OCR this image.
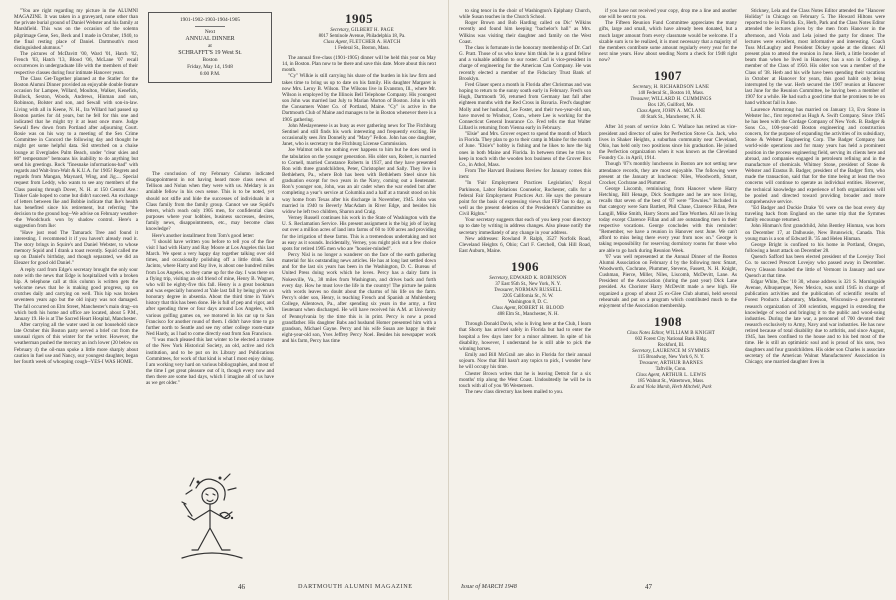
"You are right regarding my picture in the ALUMNI MAGAZINE. It was taken in a graveyard, none other than the private burial ground of Daniel Webster and his family at Marshfield. This was on the occasion of the solemn pilgrimage Gene, Sex, Beck and I made in October, 1940, to the final resting place of Daniel. Dartmouth's most distinguished alumnus."

The pictures of McDavitt '00, Ward '01, Hatch '02, French '03, Hatch '13, Blood '06, McLane '07 recall occurrences in undergraduate life with the members of their respective classes during four intimate Hanover years.

The Class Get-Together planned at the Statler for the Boston Alumni Dinner provided an enjoyable double feature occasion for Lampee, Willard, Moulton, Walker, Kenefick, Bullock, Sexton, Woods, Andrews, Hinman and son, Robinson, Bolster and son, and Sewall with son-in-law. Living with all in Keene, N. H., Ira Willard had passed up Boston parties for 44 years, but he fell for this one and indicated that he might try it at least once more. Judge Sewall flew down from Portland after adjourning Court. Rosie was on his way to a meeting of the Sex Crime Committee in Concord the following day and thought he might get some helpful data. Sid stretched on a chaise lounge at Everglades Palm Beach, under "clear skies and 80° temperature" bemoans his inability to do anything but send his greetings. Rock "finesnake informations-bad" with regards and Walt-Iron-Walt & K.U.A. for 1905! Regrets and regards from Mangan, Maynard, Wing, and Jig.... Special request from Leddy, who wants to see any members of the Class passing through Dover, N. H. at 150 Central Ave.: Tinker Gale hoped to come but didn't succeed. An exchange of letters between Ike and Bobbie indicate that Ike's health has benefited since his retirement, but referring "the decision to the ground hog--We advise on February weather--the Woodchuck won by shadow control. Here's a suggestion from Ike:

"Have just read The Tamarack Tree and found it interesting. I recommend it if you haven't already read it. The story brings in Squire's and Daniel Webster, to whose memory Squid and I drank a toast recently. Squid called me up on Daniel's birthday, and though separated, we did an Eleazer for good old Daniel."

A reply card from Edge's secretary brought the only sour note with the news that Edge is hospitalized with a broken hip. A telephone call at this column is written gets the welcome news that he is making good progress, up on crutches daily and carrying on well. This hip was broken seventeen years ago but the old injury was not damaged. The fall occurred on Elm Street, Manchester's main drag--on which both his home and office are located, about 5 P.M., January 19. He is at The Sacred Heart Hospital, Manchester.

After carrying all the water used in our household since late October this Boston party served a brief cut from the unusual rigors of this winter for the writer. However, the weatherman pushed the mercury an inch lower (20 below on February 4) the oil-man spoke a little more sharply about caution in fuel use and Nancy, our youngest daughter, began her fourth week of whooping cough--YES-I WAS HOME.

1901-1902-1903-1904-1905
Next
ANNUAL DINNER
at
SCHRAFFT'S 19 West St.
Boston
Friday, May 14, 1948
6:00 P.M.

The conclusion of my February Column indicated disappointment in not having heard more class news of Tellison and Nolan when they were with us. Meldary is an amiable fellow in his own sense. This is to be noted, yet should not stifle and hide the successes of individuals in a Class family from the family group. Cannot we use Squid's letters, which reach only 1905 men, for confidential class purposes where your hobbies, business successes, desires, family news, disappointments, etc., may become class knowledge?

Here's another installment from Tom's good letter:

"I should have written you before to tell you of the fine visit I had with Harry and Ray Moore at Los Angeles this last March. We spent a very happy day together talking over old times, and occasionally polishing off a little drink. San Jacinto, where Harry and Ray live, is about one hundred miles from Los Angeles, so they came up for the day. I was there on a flying trip, visiting an old friend of mine, Henry B. Wagner, who will be eighty-five this fall. Henry is a great bookman and was especially honored at Yale last fall by being given an honorary degree in absentia. About the third time in Yale's history that this has been done. He is full of pep and vigor, and after spending three or four days around Los Angeles, with various golfing games on, we motored in his car up to San Francisco for another round of them. I didn't have time to go further north to Seattle and see my other college room-mate Ned Hardy, as I had to come directly east from San Francisco.

"I was much pleased this last winter to be elected a trustee of the New York Historical Society, an old, active and rich institution, and to be put on its Library and Publications Committees, for work of that kind is what I most enjoy doing. I am working very hard on various bibliographies, and most of the time I get great pleasure out of it, though every now and then there are some bad days, which I imagine all of us have as we get older."

1905

Secretary, GILBERT H. PAGE

8017 Seminole Avenue, Philadelphia 18, Pa.

Class Agent, FLETCHER A. HATCH

1 Federal St., Boston, Mass.

The annual five-class (1901-1905) dinner will be held this year on May 14, in Boston. Plan now to be there and save this date. More about this next month.

"Cy" Wilkie is still carrying his share of the burden in his law firm and takes time to bring us up to date on his family. His daughter Margaret is now Mrs. Leroy B. Wilson. The Wilsons live in Evanston, Ill., where Mr. Wilson is employed by the Illinois Bell Telephone Company. His youngest son John was married last July to Marian Morton of Boston. John is with the Consumers Water Co. of Portland, Maine. "Cy" is active in the Dartmouth Club of Maine and manages to be in Boston whenever there is a 1905 gathering.

John Meslayeneese is as busy as ever gathering news for The Fitchburg Sentinel and still finds his work interesting and frequently exciting. He occasionally sees Jim Donnelly and "Mary" Fellon. John has one daughter, Janet, who is secretary to the Fitchburg License Commission.

Joe Walmot tells me nothing ever happens to him but he does send in the tabulation on the younger generation. His older son, Robert, is married to Cornell, married Constance Roberts in 1937, and they have presented Ron with three grandchildren, Peter, Christopher and Sally. They live in Bethlehem, Pa., where Bob has been with Bethlehem Steel since his graduation except for two years in the Navy, coming out a lieutenant. Ron’s younger son, John, was an air cadet when the war ended but after completing a year’s service at Columbia and a half at a transit stood on his way home from Texas after his discharge in November, 1945. John was married in 1940 to Beverly MacAdam in River Edge, and besides his widow he left two children, Sharon and Craig.

Verney Russell continues his work in the State of Washington with the U. S. Reclamation Service. His present assignment is the big job of laying out over a million acres of land into farms of 60 to 100 acres and providing for the irrigation of these farms. This is a tremendous undertaking and not as easy as it sounds. Incidentally, Verney, you might pick out a few choice spots for retired 1905 men who are "hoosier-minded".

Percy Nisl is no longer a wanderer on the face of the earth gathering material for his outstanding news articles. He has at long last settled down and for the last six years has been in the Washington, D. C. Bureau of United Press doing work which he loves. Percy has a dairy farm in Nokesville, Va., 38 miles from Washington, and drives back and forth every day. How he must love the life in the country! The picture he paints with words leaves no doubt about the charms of his life on the farm. Percy's older son, Henry, is teaching French and Spanish at Muhlenberg College, Allentown, Pa., after spending six years in the army, a first lieutenant when discharged. He will have received his A.M. at University of Pennsylvania by the time this is in print. Percy is now a proud grandfather. His daughter Babs and husband Homer presented him with a grandson, Michael Gayne. Percy and his wife Susan are happy in their eight-year-old son, Yves Jeffrey Percy Noel. Besides his newspaper work and his farm, Percy has time

46	DARTMOUTH ALUMNI MAGAZINE

to sing tenor in the choir of Washington's Epiphany Church, while Susan teaches in the Church School.

Roger Brown and Bob Harding called on Dic’ Wilkins recently and found him keeping "bachelor's hall" as Mrs. Wilkins was visiting their daughter and family on the West Coast.

The class is fortunate in the honorary membership of Dr. Carl G. Pratt. Those of us who know him think he is a grand fellow and a valuable addition to our roster. Carl is vice-president in charge of engineering for the American Can Company. He was recently elected a member of the Fiduciary Trust Bank of Brooklyn.

Fred Glaser spent a month in Florida after Christmas and was hoping to return to the sunny south early in February. Fred's son Hugh, Dartmouth '36, returned from Germany last fall after eighteen months with the Red Cross in Bavaria. Fred's daughter Molly and her husband, Lee Foster, and their two-year-old son, have moved to Windsor, Conn., where Lee is working for the Connecticut General Insurance Co. Fred tells me that Walter Lillard is returning from Vienna early in February.

"Elsie" and Mrs. Grover expect to spend the month of March in Florida. They plan to go to their camp in Maine for the month of June. "Elsie's" hobby is fishing and he likes to lure the big ones in both Maine and Florida. In between times he tries to keep in touch with the wooden box business of the Grover Box Co., in Athol, Mass.

From The Harvard Business Review for January comes this item:

"In 'Fair Employment Practices Legislation,' Royal Parkinson, Labor Relations Counselor, Rochester, calls for a federal Fair Employment Practices Act. He says the pressure point for the basis of expressing views that FEP has to day, as well as the present deletion of the Presidents's Committee on Civil Rights."

Your secretary suggests that each of you keep your directory up to date by writing in address changes. Also please notify the secretary immediately of any change in your address.

New addresses: Rowland P. Ralph, 3527 Norfolk Road, Cleveland Heights 6, Ohio; Carl F. Getchell, Oak Hill Road, East Auburn, Maine.

1906

Secretary, EDWARD K. ROBINSON

37 East 95th St., New York, N. Y.

Treasurer, NORMAN RUSSELL

2205 California St., N. W.

Washington 8, D. C.

Class Agent, ROBERT H. BLOOD

408 Elm St., Manchester, N. H.

Through Donald Davis, who is living here at the Club, I learn that Shorty has arrived safely in Florida but had to enter the hospital a few days later for a minor ailment. In spite of his disability, however, I understand he is still able to pick the winning horses.

Emily and Bill McGrail are also in Florida for their annual sojourn. Now that Bill hasn't any topics to pick, I wonder how he will occupy his time.

Chester Brown writes that he is leaving Detroit for a six months' trip along the West Coast. Undoubtedly he will be in touch with all of you '06 Westerners.

The new class directory has been mailed to you.

if you have not received your copy, drop me a line and another one will be sent to you.

The Fifteen Reunion Fund Committee appreciates the many gifts, large and small, which have already been donated, but a much larger amount from every classmate would be welcome. If a sizable sum is to be realized, it is most necessary that a majority of the members contribute some amount regularly every year for the next nine years. How about sending Norm a check for 1948 right now?

1907

Secretary, H. RICHARDSON LANE

140 Federal St., Boston 10, Mass.

Treasurer, WILLARD H. CUMMINGS

Box 126, Guilford, Me.

Class Agent, JOHN A. MCLANE

40 Stark St., Manchester, N. H.

After 34 years of service John C. Wallace has retired as vice-president and director of sales for Perfection Stove Co. Jack, who lives in Shaker Heights, a suburban community near Cleveland, Ohio, has held only two positions since his graduation. He joined the Perfection organization when it was known as the Cleveland Foundry Co. in April, 1914.

Though '07's monthly luncheons in Boston are not setting new attendance records, they are most enjoyable. The following were present at the January at luncheon: Niles, Woodworth, Smart, Crocker, Cochrane and Plummer.

George Liscomb, reminiscing from Hanover where Harry Hetching, Bill Henage, Dick Southgate and he are now living, recalls that seven of the best of '07 were "Townies." Included in that category were Sam Bartlett, Phil Chase, Clarence Fillan, Pete Langill, Mike Smith, Harry Storrs and Tate Worthen. All are living today except Clarence Fillan and all are outstanding men in their respective vocations. George concludes with this reminder: "Remember, we have a reunion in Hanover next June. We can't afford to miss being there every year from now on." George is taking responsibility for reserving dormitory rooms for those who are able to go back during Reunion Week.

'07 was well represented at the Annual Dinner of the Boston Alumni Association on February 4 by the following men: Smart, Woodworth, Cochrane, Plummer, Stevens, Fassett, N. H. Knight, Cushman, Pierce, Miller, Niles, Liscomb, McDevitt, Lane. As President of the Association (during the past year) Dick Lane presided. As Chorister Harry McDevitt made a new high. He organized a group of about 25 ex-Glee Club alumni, held several rehearsals and put on a program which contributed much to the enjoyment of the Association membership.

1908

Class Notes Editor, WILLIAM B KNIGHT

602 Forest City National Bank Bldg.

Rockford, Ill.

Secretary, LAURENCE M SYMMES

115 Broadway, New York 6, N. Y.

Treasurer, ARTHUR BARNES

Taftville, Conn.

Class Agent, ARTHUR L. LEWIS

185 Walnut St., Watertown, Mass.

Ex and Viola Marsh, Herb Mitchell, Park

Stickney, Lela and the Class Notes Editor attended the "Hanover Holiday" in Chicago on February 5. The Howard Hiltons were reported to be in Florida. Ex, Herb, Park and the Class Notes Editor attended the lectures given by the men from Hanover in the afternoon, and Viola and Lela joined the party for dinner. The lectures were excellent, most informative and interesting. Coach Tuss McLaughry and President Dickey spoke at the dinner. All present plan to attend the reunion in June. Herb, a little brooder of beam than when he lived in Hanover, has a son in College, a member of the Class of 1950. His older son was a member of the Class of '38. Herb and his wife have been spending their vacations in October at Hanover for years, this good habit only being interrupted by the war. Herb secured the 1907 reunion at Hanover last June for the Reunion Committee, he having been a member of 1907 for a while. He had such a good time that he promises to be on hand without fail in June.

Laurence Armstrong has married on January 13, Eva Stone in Webster Inc., first reported as Hugh A. Swift Company. Since 1945 he has been with the Cordage Company of New York. B. Badger & Sons Co., 100-year-old Boston engineering and construction concern, for the purpose of expanding the activities of its subsidiary, Stone & Webster Engineering Corp. The Badger Company has world-wide operations and for many years has held a prominent position in the process engineering field, serving its clients here and abroad, and companies engaged in petroleum refining and in the manufacture of chemicals. Whitney Stone, president of Stone & Webster and Erastus B. Badger, president of the Badger firm, who made the transaction, said that for the time being at least the two concerns will continue to operate as individual entities. However, the technical knowledge and experience of both organizations will be pooled and directed toward providing broader and more comprehensive service.

"Ed Badger and Duckie Drake '01 were on the boat every day traveling back from England on the same trip that the Symmes family encourage returned.

John Hinman's first grandchild, John Bentley Hinman, was born on December 17, at Dalhousie, New Brunswick, Canada. This young man is a son of Edward B. '35 and Helen Hinman.

George Bright is confined to his home in Portland, Oregon, following a heart attack on December 28.

Quench Safford has been elected president of the Lovejoy Tool Co. to succeed Prescott Lovejoy who passed away in December. Percy Gleason founded the little of Vermont in January and saw Quench at that time.

Edgar White, Dec '10 30, whose address is 321 S. Morningside Avenue, Albuquerque, New Mexico, was until 1945 in charge of publication activities and the publication of scientific results of Forest Products Laboratory, Madison, Wisconsin--a government research organization of 300 scientists, engaged in extending the knowledge of wood and bringing it to the public and wood-using industries. During the late war, a personnel of 700 devoted their research exclusively to Army, Navy and war industries. He has now retired because of total disability due to arthritis, and since August, 1945, has been confined to the house and to his bed most of the time. He is still an optimistic soul and is proud of his sons, two daughters and four grandchildren. His older son Charles is associate secretary of the American Walnut Manufacturers' Association in Chicago; one married daughter lives in

Issue of MARCH 1948	47
